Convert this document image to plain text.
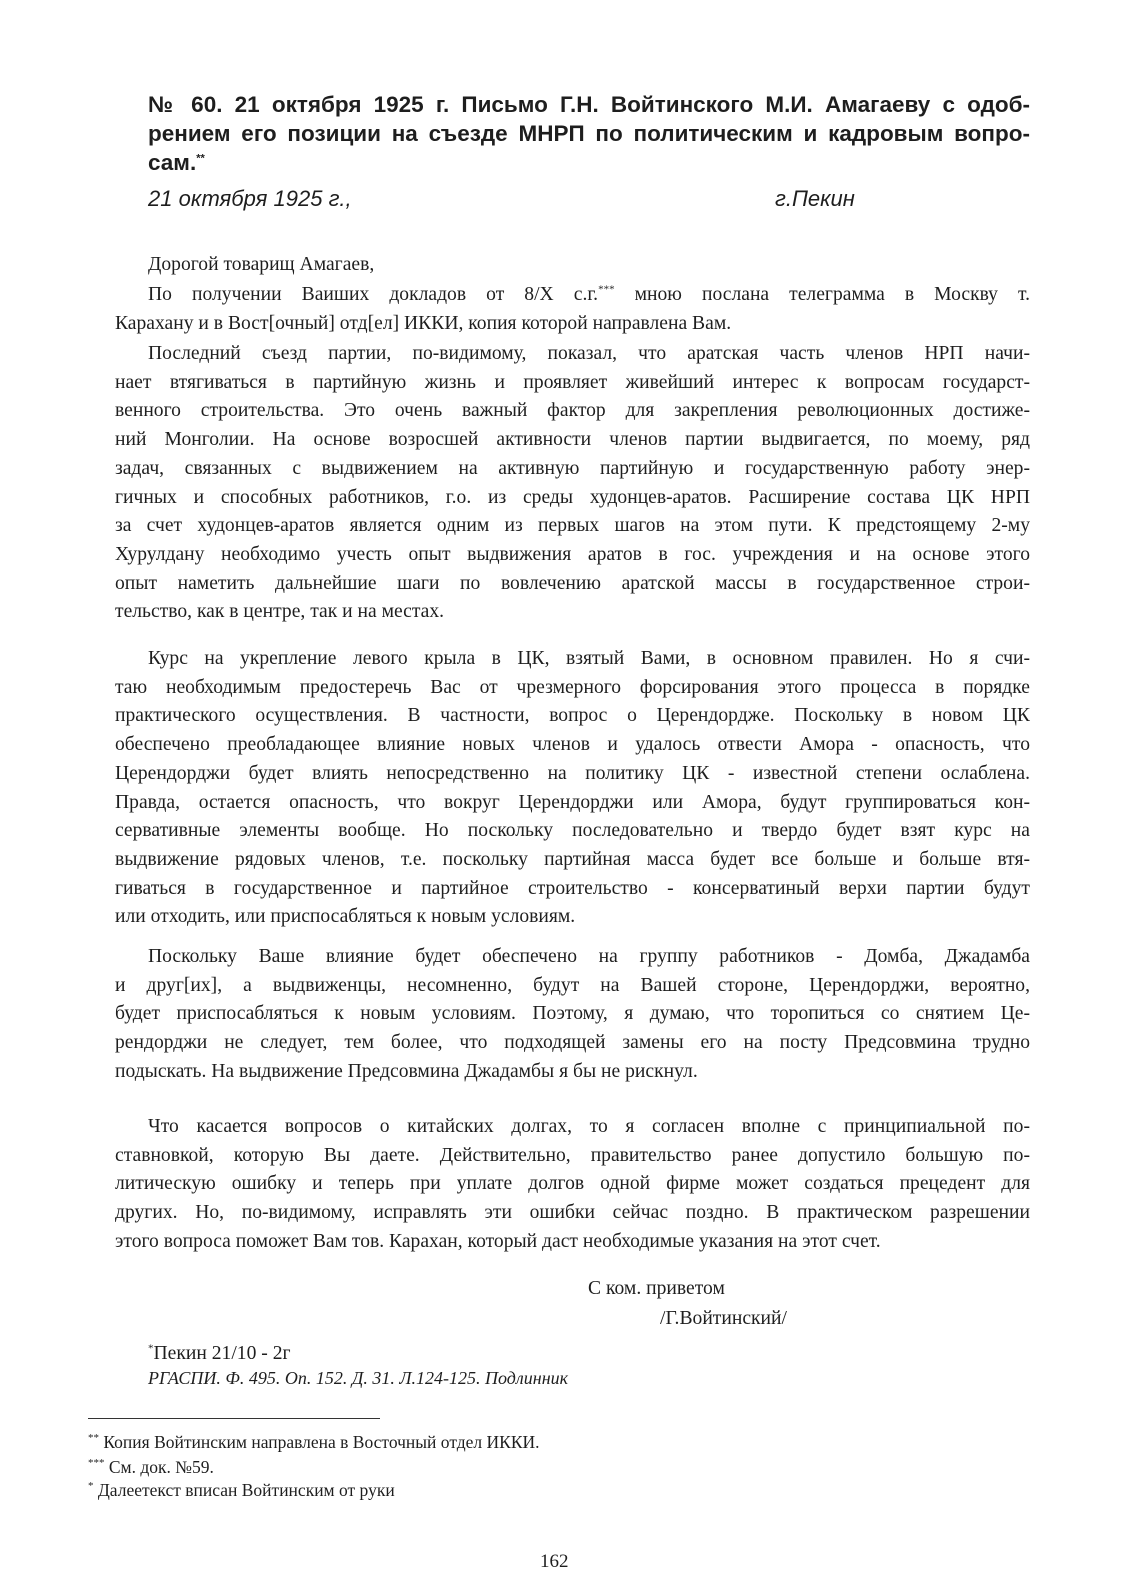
№ 60. 21 октября 1925 г. Письмо Г.Н. Войтинского М.И. Амагаеву с одоб-
рением его позиции на съезде МНРП по политическим и кадровым вопро-
сам.**
21 октября 1925 г.,	г.Пекин
Дорогой товарищ Амагаев,
По получении Ваиших докладов от 8/X с.г.*** мною послана телеграмма в Москву т.
Карахану и в Вост[очный] отд[ел] ИККИ, копия которой направлена Вам.
Последний съезд партии, по-видимому, показал, что аратская часть членов НРП начи-
нает втягиваться в партийную жизнь и проявляет живейший интерес к вопросам государст-
венного строительства. Это очень важный фактор для закрепления революционных достиже-
ний Монголии. На основе возросшей активности членов партии выдвигается, по моему, ряд
задач, связанных с выдвижением на активную партийную и государственную работу энер-
гичных и способных работников, г.о. из среды худонцев-аратов. Расширение состава ЦК НРП
за счет худонцев-аратов является одним из первых шагов на этом пути. К предстоящему 2-му
Хурулдану необходимо учесть опыт выдвижения аратов в гос. учреждения и на основе этого
опыт наметить дальнейшие шаги по вовлечению аратской массы в государственное строи-
тельство, как в центре, так и на местах.
Курс на укрепление левого крыла в ЦК, взятый Вами, в основном правилен. Но я счи-
таю необходимым предостеречь Вас от чрезмерного форсирования этого процесса в порядке
практического осуществления. В частности, вопрос о Церендордже. Поскольку в новом ЦК
обеспечено преобладающее влияние новых членов и удалось отвести Амора - опасность, что
Церендорджи будет влиять непосредственно на политику ЦК - известной степени ослаблена.
Правда, остается опасность, что вокруг Церендорджи или Амора, будут группироваться кон-
сервативные элементы вообще. Но поскольку последовательно и твердо будет взят курс на
выдвижение рядовых членов, т.е. поскольку партийная масса будет все больше и больше втя-
гиваться в государственное и партийное строительство - консерватиный верхи партии будут
или отходить, или приспосабляться к новым условиям.
Поскольку Ваше влияние будет обеспечено на группу работников - Домба, Джадамба
и друг[их], а выдвиженцы, несомненно, будут на Вашей стороне, Церендорджи, вероятно,
будет приспосабляться к новым условиям. Поэтому, я думаю, что торопиться со снятием Це-
рендорджи не следует, тем более, что подходящей замены его на посту Предсовмина трудно
подыскать. На выдвижение Предсовмина Джадамбы я бы не рискнул.
Что касается вопросов о китайских долгах, то я согласен вполне с принципиальной по-
ставновкой, которую Вы даете. Действительно, правительство ранее допустило большую по-
литическую ошибку и теперь при уплате долгов одной фирме может создаться прецедент для
других. Но, по-видимому, исправлять эти ошибки сейчас поздно. В практическом разрешении
этого вопроса поможет Вам тов. Карахан, который даст необходимые указания на этот счет.
С ком. приветом
/Г.Войтинский/
*Пекин 21/10 - 2г
РГАСПИ. Ф. 495. Оп. 152. Д. 31. Л.124-125. Подлинник
** Копия Войтинским направлена в Восточный отдел ИККИ.
*** См. док. №59.
* Далеетекст вписан Войтинским от руки
162
